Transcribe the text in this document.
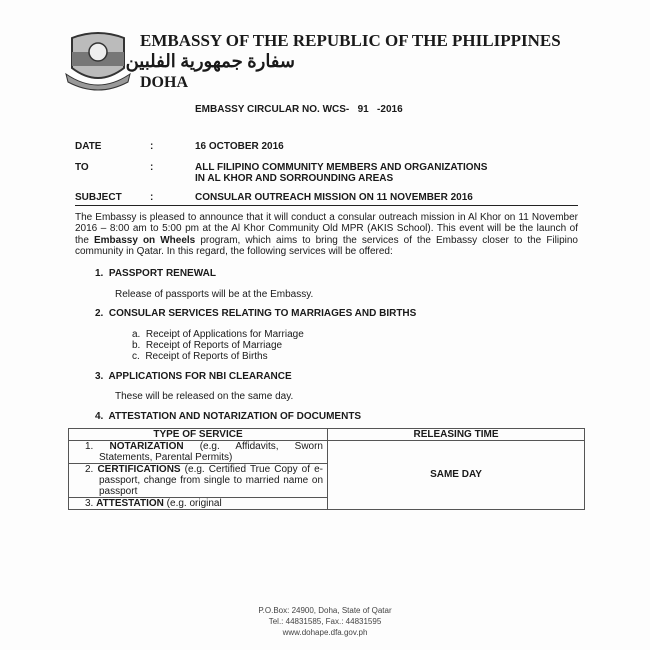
EMBASSY OF THE REPUBLIC OF THE PHILIPPINES
سفارة جمهورية الفلبين
DOHA
EMBASSY CIRCULAR NO. WCS-   91   -2016
DATE	:	16 OCTOBER 2016
TO	:	ALL FILIPINO COMMUNITY MEMBERS AND ORGANIZATIONS
IN AL KHOR AND SORROUNDING AREAS
SUBJECT	:	CONSULAR OUTREACH MISSION ON 11 NOVEMBER 2016
The Embassy is pleased to announce that it will conduct a consular outreach mission in Al Khor on 11 November 2016 – 8:00 am to 5:00 pm at the Al Khor Community Old MPR (AKIS School). This event will be the launch of the Embassy on Wheels program, which aims to bring the services of the Embassy closer to the Filipino community in Qatar. In this regard, the following services will be offered:
1.  PASSPORT RENEWAL
Release of passports will be at the Embassy.
2.  CONSULAR SERVICES RELATING TO MARRIAGES AND BIRTHS
a.  Receipt of Applications for Marriage
b.  Receipt of Reports of Marriage
c.  Receipt of Reports of Births
3.  APPLICATIONS FOR NBI CLEARANCE
These will be released on the same day.
4.  ATTESTATION AND NOTARIZATION OF DOCUMENTS
TYPE OF SERVICE	RELEASING TIME
1. NOTARIZATION (e.g. Affidavits, Sworn Statements, Parental Permits)	SAME DAY
2. CERTIFICATIONS (e.g. Certified True Copy of e-passport, change from single to married name on passport	
3. ATTESTATION (e.g. original	
P.O.Box: 24900, Doha, State of Qatar
Tel.: 44831585, Fax.: 44831595
www.dohape.dfa.gov.ph
